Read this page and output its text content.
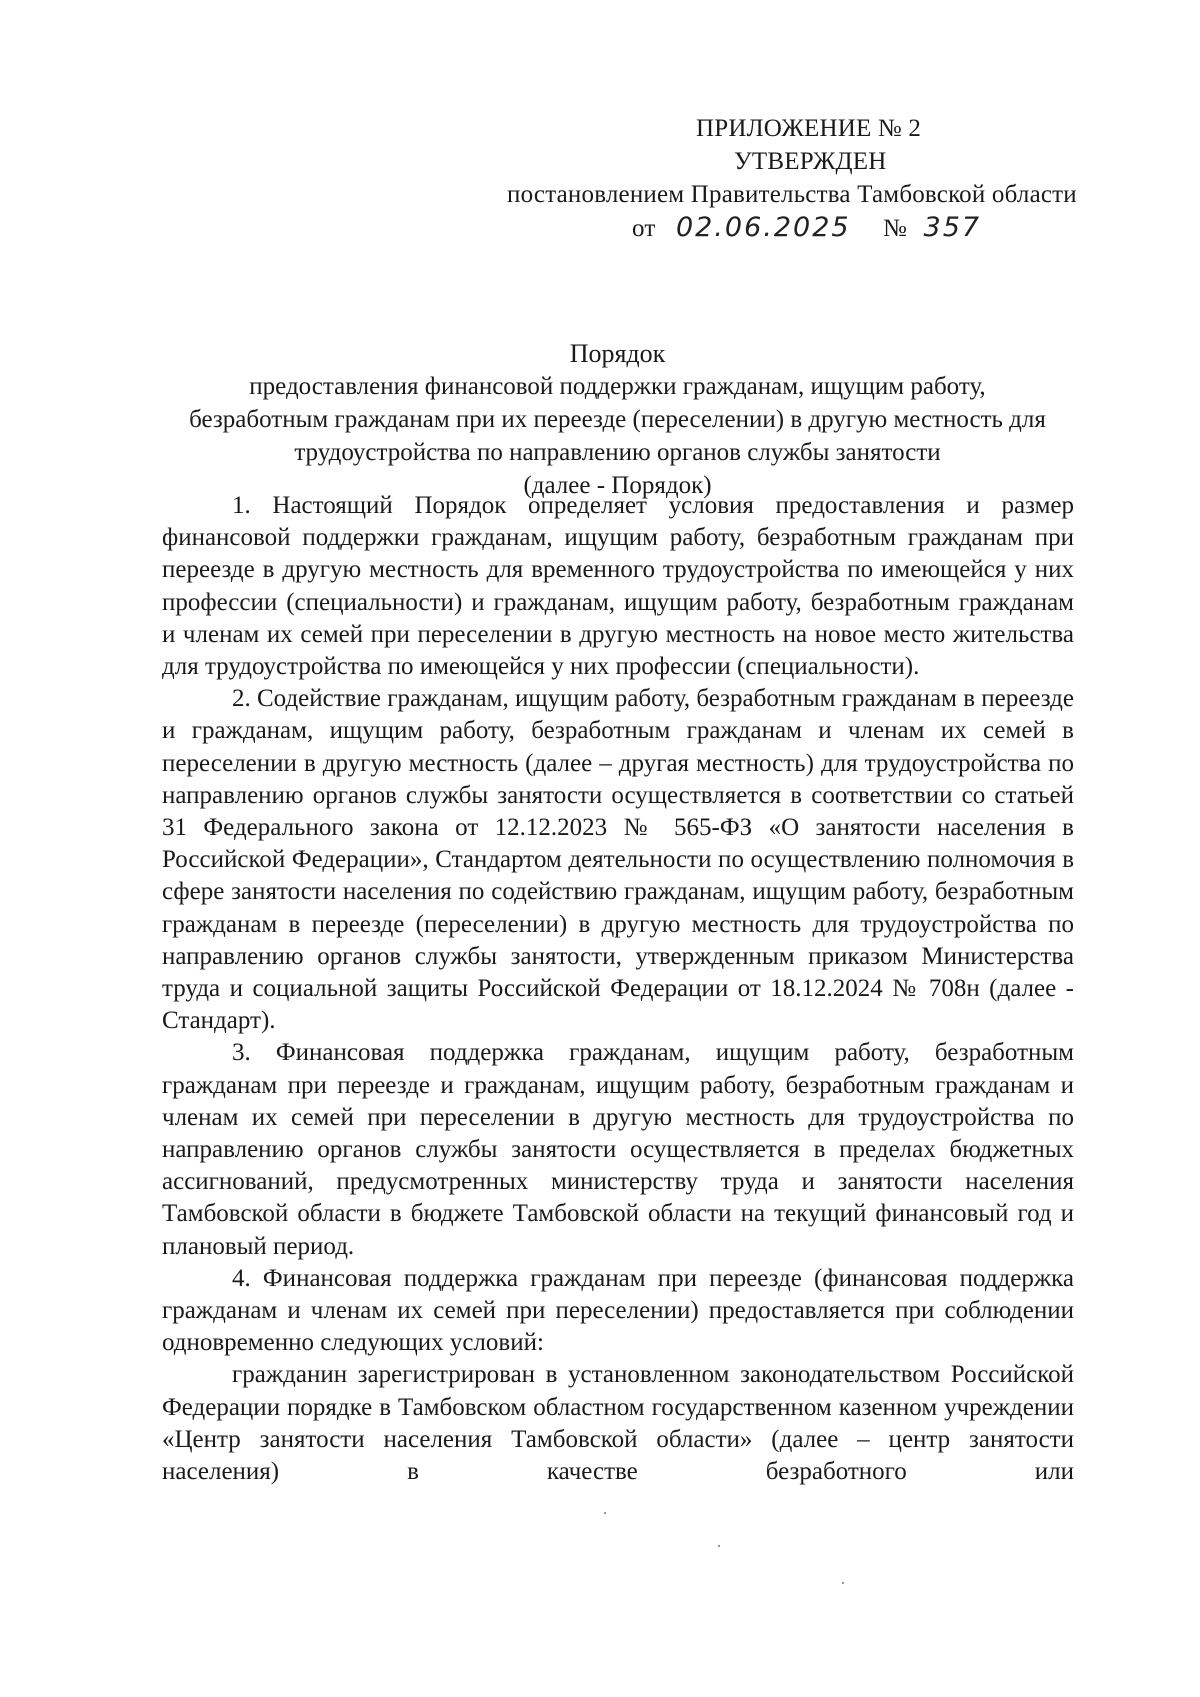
ПРИЛОЖЕНИЕ № 2
УТВЕРЖДЕН
постановлением Правительства Тамбовской области
от 02.06.2025 № 357
Порядок
предоставления финансовой поддержки гражданам, ищущим работу,
безработным гражданам при их переезде (переселении) в другую местность для
трудоустройства по направлению органов службы занятости
(далее - Порядок)

1. Настоящий Порядок определяет условия предоставления и размер финансовой поддержки гражданам, ищущим работу, безработным гражданам при переезде в другую местность для временного трудоустройства по имеющейся у них профессии (специальности) и гражданам, ищущим работу, безработным гражданам и членам их семей при переселении в другую местность на новое место жительства для трудоустройства по имеющейся у них профессии (специальности).

2. Содействие гражданам, ищущим работу, безработным гражданам в переезде и гражданам, ищущим работу, безработным гражданам и членам их семей в переселении в другую местность (далее – другая местность) для трудоустройства по направлению органов службы занятости осуществляется в соответствии со статьей 31 Федерального закона от 12.12.2023 № 565-ФЗ «О занятости населения в Российской Федерации», Стандартом деятельности по осуществлению полномочия в сфере занятости населения по содействию гражданам, ищущим работу, безработным гражданам в переезде (переселении) в другую местность для трудоустройства по направлению органов службы занятости, утвержденным приказом Министерства труда и социальной защиты Российской Федерации от 18.12.2024 № 708н (далее - Стандарт).

3. Финансовая поддержка гражданам, ищущим работу, безработным гражданам при переезде и гражданам, ищущим работу, безработным гражданам и членам их семей при переселении в другую местность для трудоустройства по направлению органов службы занятости осуществляется в пределах бюджетных ассигнований, предусмотренных министерству труда и занятости населения Тамбовской области в бюджете Тамбовской области на текущий финансовый год и плановый период.

4. Финансовая поддержка гражданам при переезде (финансовая поддержка гражданам и членам их семей при переселении) предоставляется при соблюдении одновременно следующих условий:

гражданин зарегистрирован в установленном законодательством Российской Федерации порядке в Тамбовском областном государственном казенном учреждении «Центр занятости населения Тамбовской области» (далее – центр занятости населения) в качестве безработного или
